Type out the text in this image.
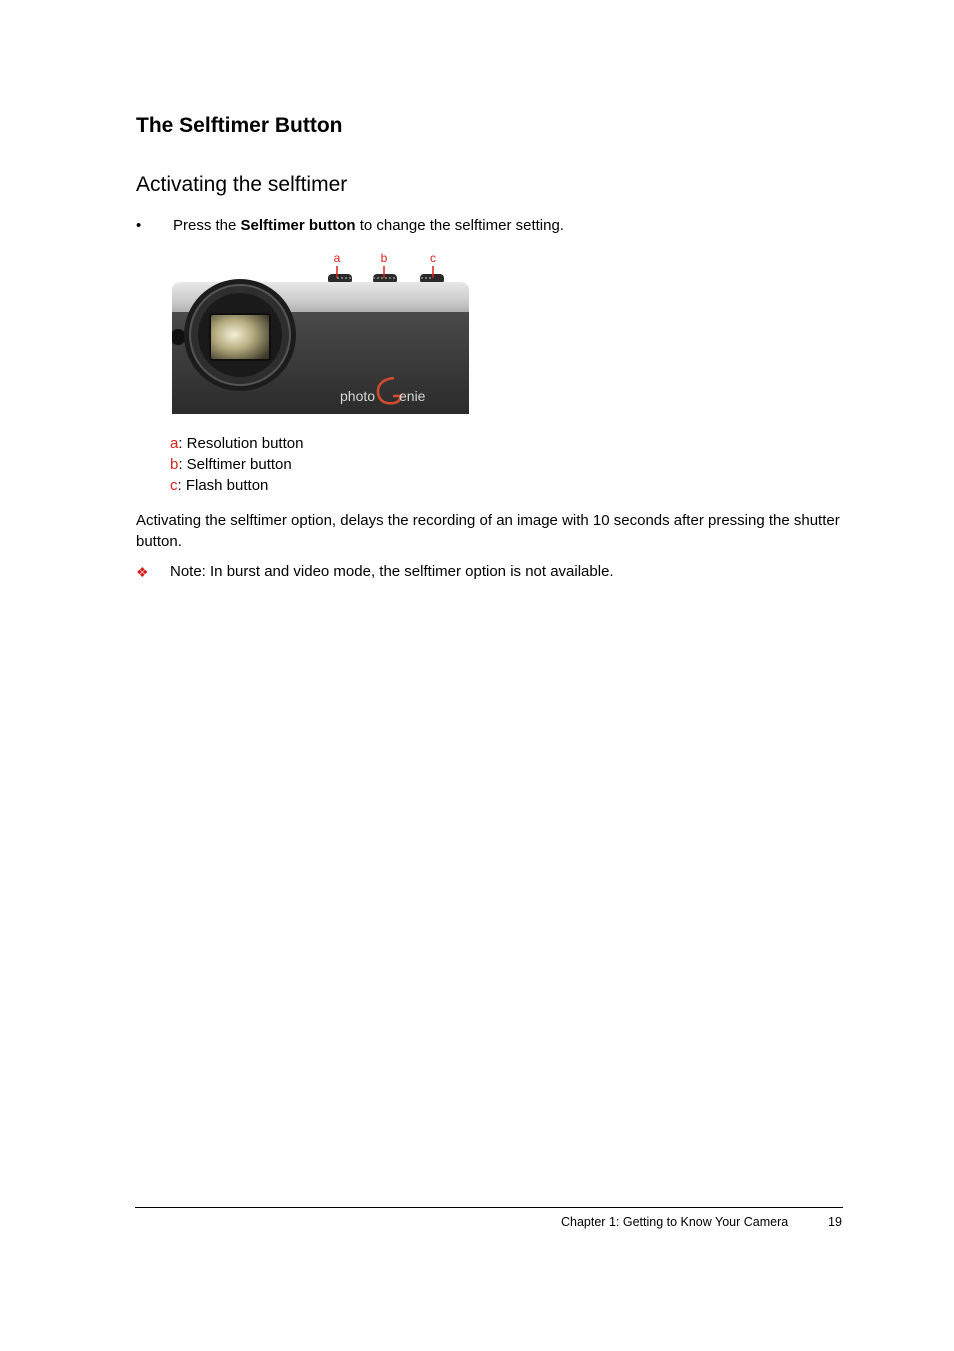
The Selftimer Button
Activating the selftimer
• Press the Selftimer button to change the selftimer setting.
a	b	c
photo enie
a: Resolution button
b: Selftimer button
c: Flash button

Activating the selftimer option, delays the recording of an image with 10 seconds after pressing the shutter button.

❖ Note: In burst and video mode, the selftimer option is not available.
Chapter 1: Getting to Know Your Camera	19
